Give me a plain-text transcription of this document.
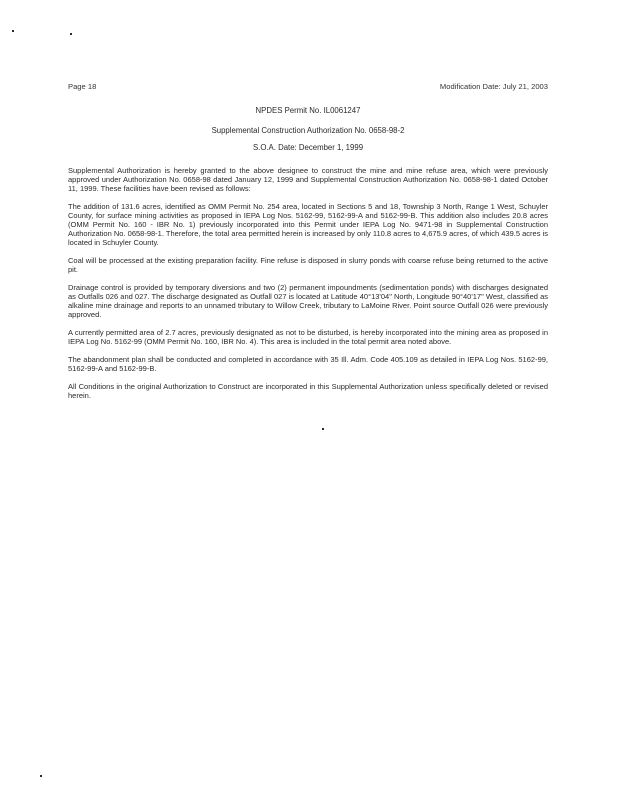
Page 18	Modification Date: July 21, 2003
NPDES Permit No. IL0061247
Supplemental Construction Authorization No. 0658-98-2
S.O.A. Date: December 1, 1999

Supplemental Authorization is hereby granted to the above designee to construct the mine and mine refuse area, which were previously approved under Authorization No. 0658-98 dated January 12, 1999 and Supplemental Construction Authorization No. 0658-98-1 dated October 11, 1999. These facilities have been revised as follows:

The addition of 131.6 acres, identified as OMM Permit No. 254 area, located in Sections 5 and 18, Township 3 North, Range 1 West, Schuyler County, for surface mining activities as proposed in IEPA Log Nos. 5162-99, 5162-99-A and 5162-99-B. This addition also includes 20.8 acres (OMM Permit No. 160 - IBR No. 1) previously incorporated into this Permit under IEPA Log No. 9471-98 in Supplemental Construction Authorization No. 0658-98-1. Therefore, the total area permitted herein is increased by only 110.8 acres to 4,675.9 acres, of which 439.5 acres is located in Schuyler County.

Coal will be processed at the existing preparation facility. Fine refuse is disposed in slurry ponds with coarse refuse being returned to the active pit.

Drainage control is provided by temporary diversions and two (2) permanent impoundments (sedimentation ponds) with discharges designated as Outfalls 026 and 027. The discharge designated as Outfall 027 is located at Latitude 40°13'04" North, Longitude 90°40'17" West, classified as alkaline mine drainage and reports to an unnamed tributary to Willow Creek, tributary to LaMoine River. Point source Outfall 026 were previously approved.

A currently permitted area of 2.7 acres, previously designated as not to be disturbed, is hereby incorporated into the mining area as proposed in IEPA Log No. 5162-99 (OMM Permit No. 160, IBR No. 4). This area is included in the total permit area noted above.

The abandonment plan shall be conducted and completed in accordance with 35 Ill. Adm. Code 405.109 as detailed in IEPA Log Nos. 5162-99, 5162-99-A and 5162-99-B.

All Conditions in the original Authorization to Construct are incorporated in this Supplemental Authorization unless specifically deleted or revised herein.
